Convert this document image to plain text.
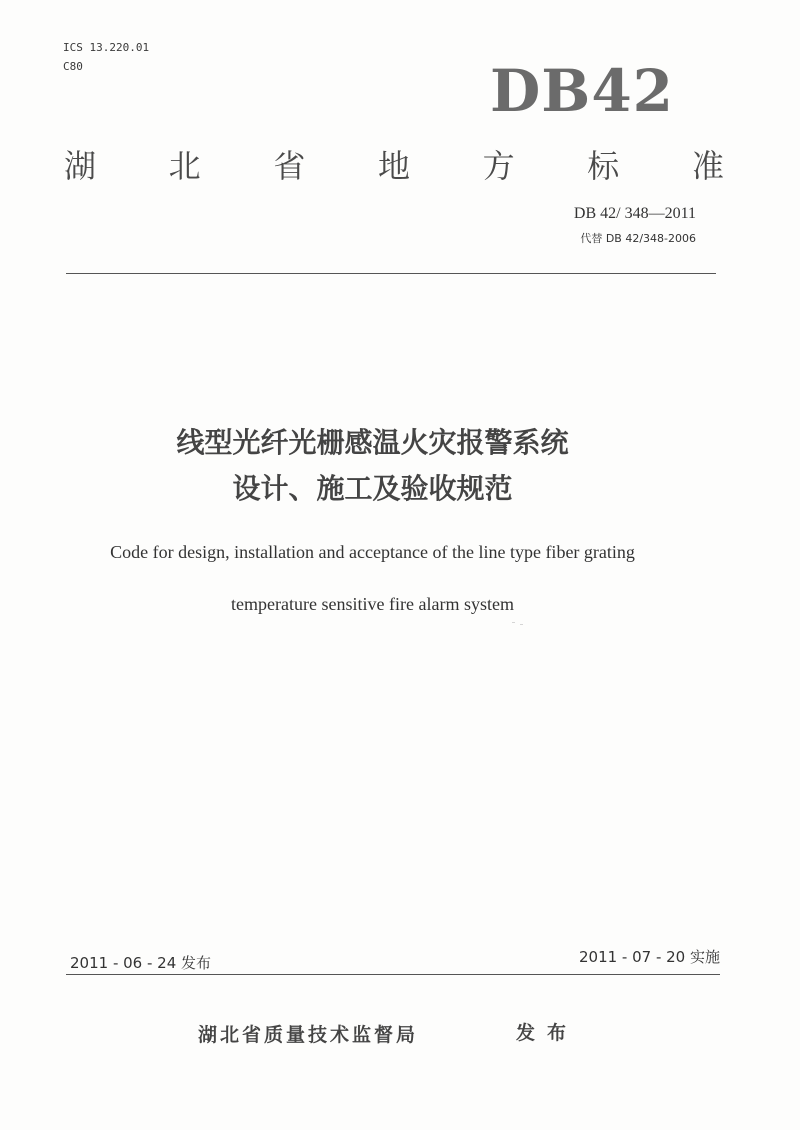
ICS 13.220.01
C80	DB42
湖 北 省 地 方 标 准
DB 42/ 348—2011
代替 DB 42/348-2006
线型光纤光栅感温火灾报警系统
设计、施工及验收规范
Code for design, installation and acceptance of the line type fiber grating
temperature sensitive fire alarm system
2011 - 06 - 24 发布	2011 - 07 - 20 实施
湖北省质量技术监督局	发布
